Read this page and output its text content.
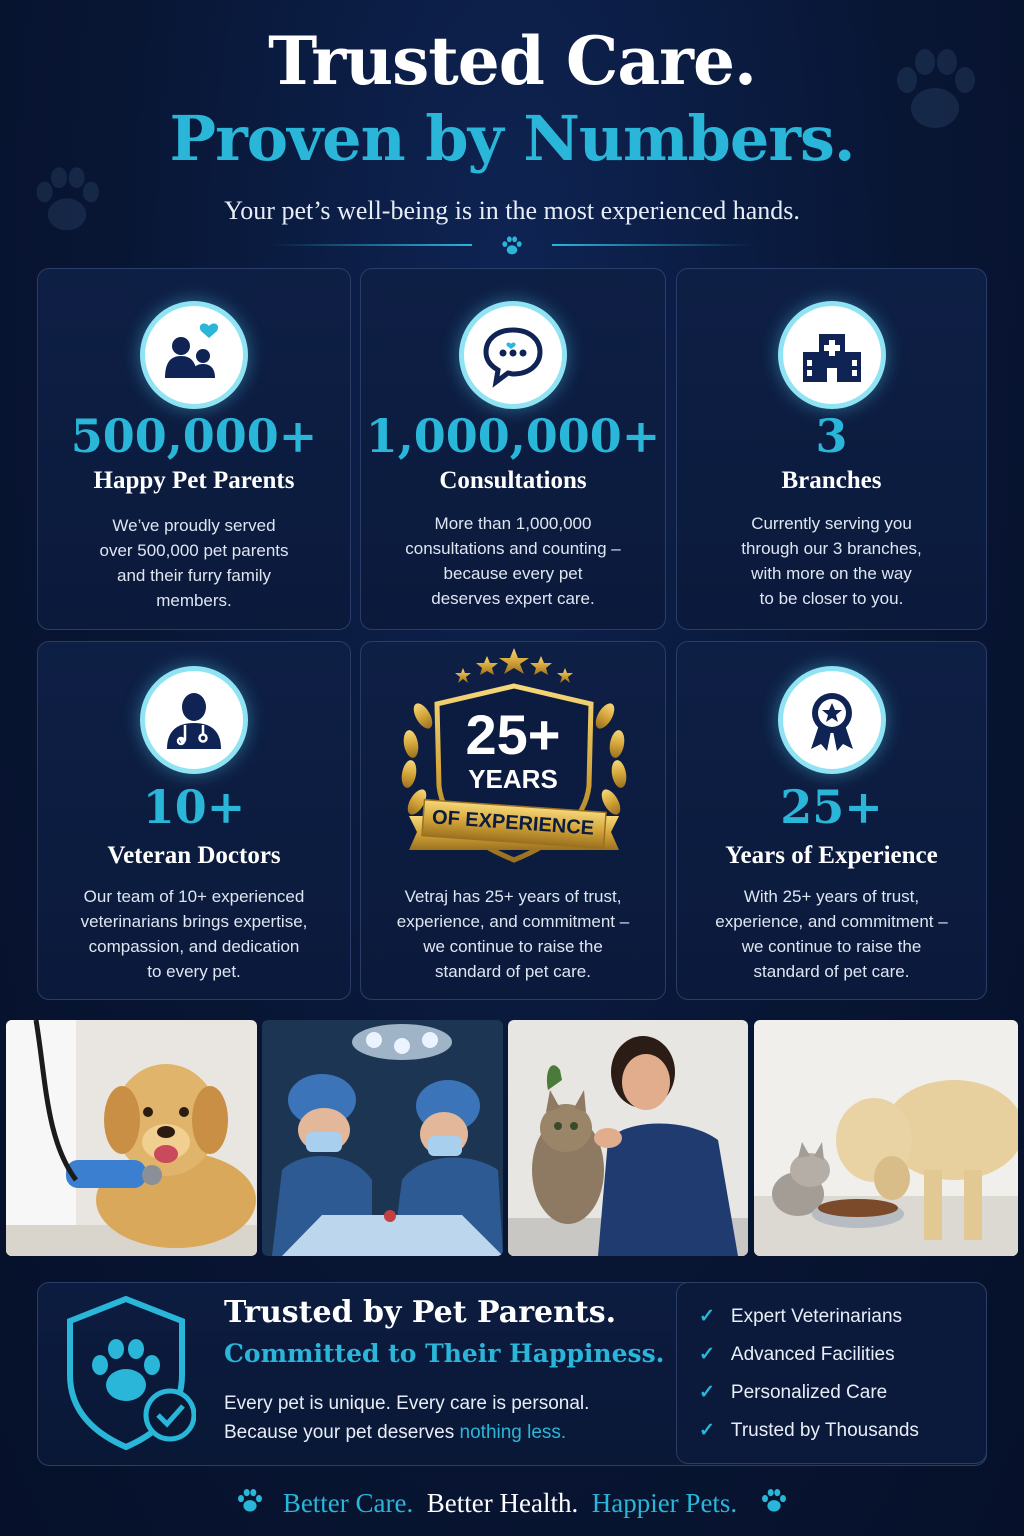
Trusted Care.
Proven by Numbers.
Your pet’s well-being is in the most experienced hands.
500,000+
Happy Pet Parents
We’ve proudly served
over 500,000 pet parents
and their furry family
members.
1,000,000+
Consultations
More than 1,000,000
consultations and counting –
because every pet
deserves expert care.
3
Branches
Currently serving you
through our 3 branches,
with more on the way
to be closer to you.
10+
Veteran Doctors
Our team of 10+ experienced
veterinarians brings expertise,
compassion, and dedication
to every pet.
25+
YEARS
OF EXPERIENCE
Vetraj has 25+ years of trust,
experience, and commitment –
we continue to raise the
standard of pet care.
25+
Years of Experience
With 25+ years of trust,
experience, and commitment –
we continue to raise the
standard of pet care.
Trusted by Pet Parents.
Committed to Their Happiness.
Every pet is unique. Every care is personal.
Because your pet deserves nothing less.
✓ Expert Veterinarians
✓ Advanced Facilities
✓ Personalized Care
✓ Trusted by Thousands
Better Care. Better Health. Happier Pets.
